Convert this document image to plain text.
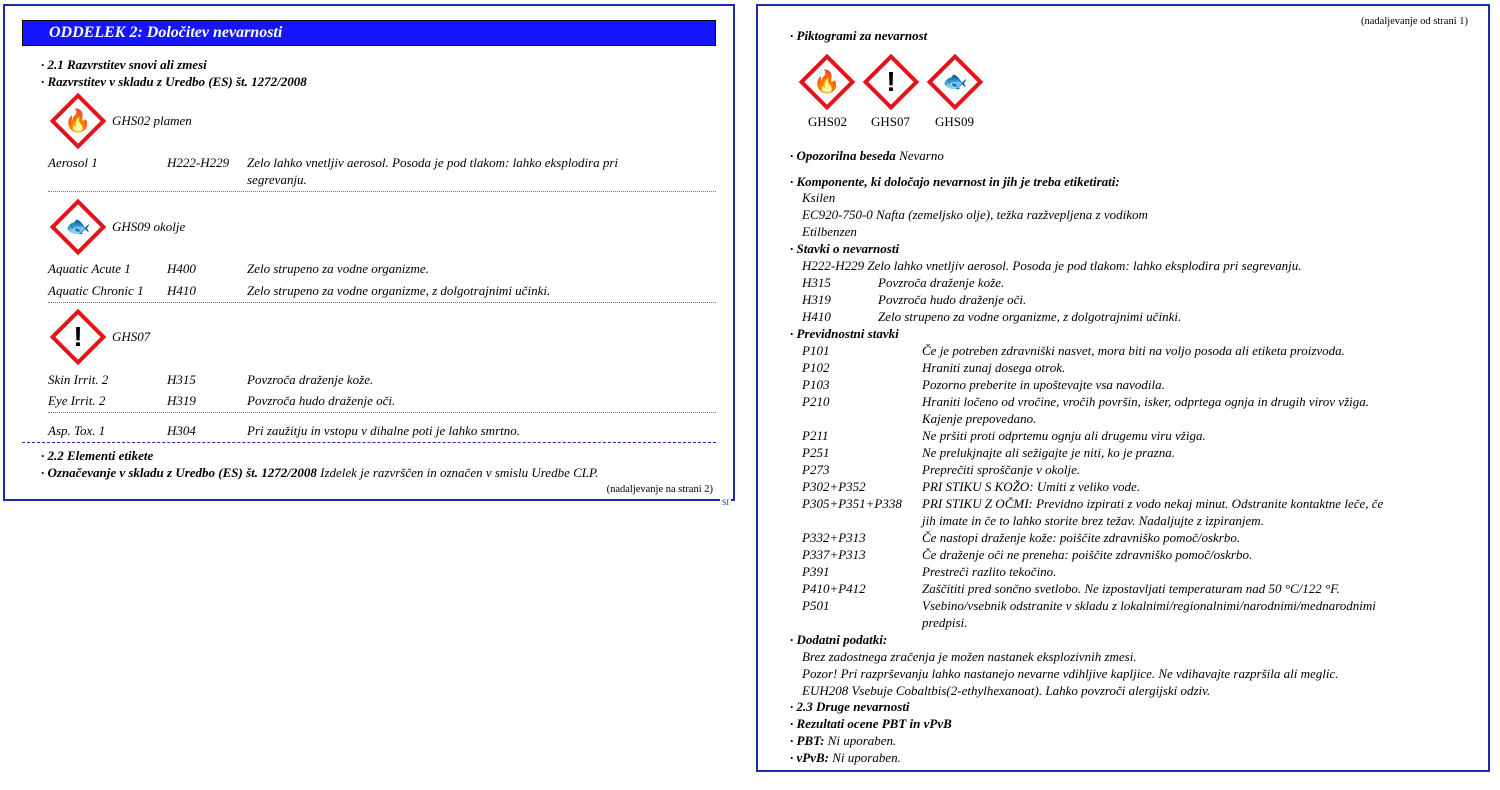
ODDELEK 2: Določitev nevarnosti
· 2.1 Razvrstitev snovi ali zmesi
· Razvrstitev v skladu z Uredbo (ES) št. 1272/2008
🔥	GHS02 plamen
Aerosol 1	H222-H229 Zelo lahko vnetljiv aerosol. Posoda je pod tlakom: lahko eksplodira pri
segrevanju.
🐟	GHS09 okolje
Aquatic Acute 1	H400	Zelo strupeno za vodne organizme.
Aquatic Chronic 1 H410	Zelo strupeno za vodne organizme, z dolgotrajnimi učinki.
!	GHS07
Skin Irrit. 2	H315	Povzroča draženje kože.
Eye Irrit. 2	H319	Povzroča hudo draženje oči.
Asp. Tox. 1	H304	Pri zaužitju in vstopu v dihalne poti je lahko smrtno.
· 2.2 Elementi etikete
· Označevanje v skladu z Uredbo (ES) št. 1272/2008 Izdelek je razvrščen in označen v smislu Uredbe CLP.
(nadaljevanje na strani 2)
SI
(nadaljevanje od strani 1)
· Piktogrami za nevarnost
🔥	!	🐟
GHS02 GHS07 GHS09
· Opozorilna beseda Nevarno
· Komponente, ki določajo nevarnost in jih je treba etiketirati:
Ksilen
EC920-750-0 Nafta (zemeljsko olje), težka razžvepljena z vodikom
Etilbenzen
· Stavki o nevarnosti
H222-H229 Zelo lahko vnetljiv aerosol. Posoda je pod tlakom: lahko eksplodira pri segrevanju.
H315	Povzroča draženje kože.
H319	Povzroča hudo draženje oči.
H410	Zelo strupeno za vodne organizme, z dolgotrajnimi učinki.
· Previdnostni stavki
· Dodatni podatki:
Brez zadostnega zračenja je možen nastanek eksplozivnih zmesi.
Pozor! Pri razprševanju lahko nastanejo nevarne vdihljive kapljice. Ne vdihavajte razpršila ali meglic.
EUH208 Vsebuje Cobaltbis(2-ethylhexanoat). Lahko povzroči alergijski odziv.
· 2.3 Druge nevarnosti
· Rezultati ocene PBT in vPvB
· PBT: Ni uporaben.
· vPvB: Ni uporaben.
P101	Če je potreben zdravniški nasvet, mora biti na voljo posoda ali etiketa proizvoda.
P102	Hraniti zunaj dosega otrok.
P103	Pozorno preberite in upoštevajte vsa navodila.
P210	Hraniti ločeno od vročine, vročih površin, isker, odprtega ognja in drugih virov vžiga.
Kajenje prepovedano.
P211	Ne pršiti proti odprtemu ognju ali drugemu viru vžiga.
P251	Ne prelukjnajte ali sežigajte je niti, ko je prazna.
P273	Preprečiti sproščanje v okolje.
P302+P352	PRI STIKU S KOŽO: Umiti z veliko vode.
P305+P351+P338 PRI STIKU Z OČMI: Previdno izpirati z vodo nekaj minut. Odstranite kontaktne leče, če
jih imate in če to lahko storite brez težav. Nadaljujte z izpiranjem.
P332+P313	Če nastopi draženje kože: poiščite zdravniško pomoč/oskrbo.
P337+P313	Če draženje oči ne preneha: poiščite zdravniško pomoč/oskrbo.
P391	Prestreči razlito tekočino.
P410+P412	Zaščititi pred sončno svetlobo. Ne izpostavljati temperaturam nad 50 °C/122 °F.
P501	Vsebino/vsebnik odstranite v skladu z lokalnimi/regionalnimi/narodnimi/mednarodnimi
predpisi.
